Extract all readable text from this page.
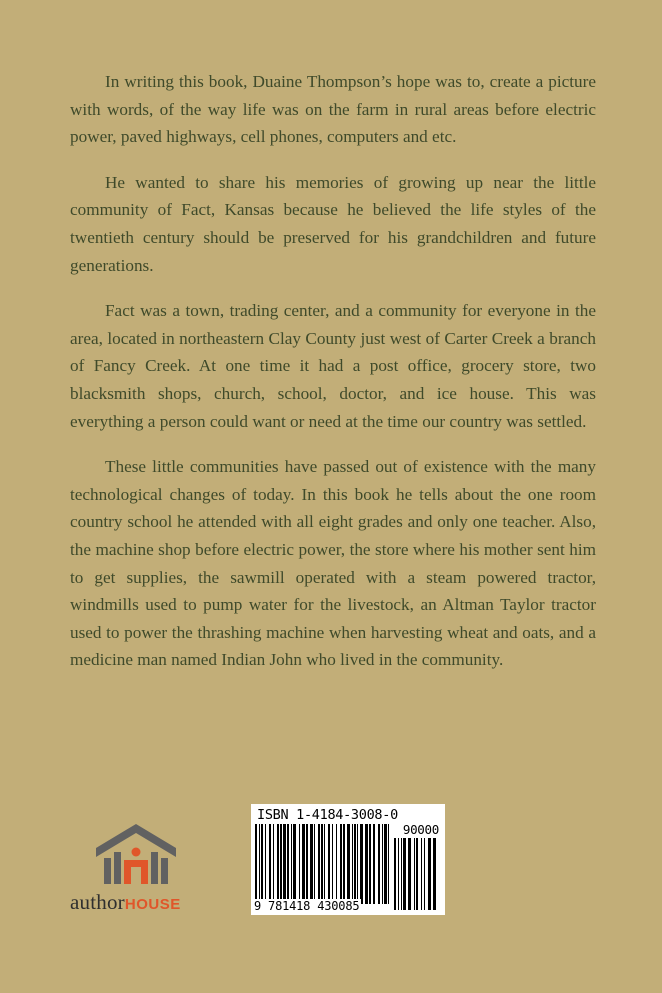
In writing this book, Duaine Thompson’s hope was to, create a picture with words, of the way life was on the farm in rural areas before electric power, paved highways, cell phones, computers and etc.

He wanted to share his memories of growing up near the little community of Fact, Kansas because he believed the life styles of the twentieth century should be preserved for his grandchildren and future generations.

Fact was a town, trading center, and a community for everyone in the area, located in northeastern Clay County just west of Carter Creek a branch of Fancy Creek. At one time it had a post office, grocery store, two blacksmith shops, church, school, doctor, and ice house. This was everything a person could want or need at the time our country was settled.

These little communities have passed out of existence with the many technological changes of today. In this book he tells about the one room country school he attended with all eight grades and only one teacher. Also, the machine shop before electric power, the store where his mother sent him to get supplies, the sawmill operated with a steam powered tractor, windmills used to pump water for the livestock, an Altman Taylor tractor used to power the thrashing machine when harvesting wheat and oats, and a medicine man named Indian John who lived in the community.

authorHOUSE
ISBN 1-4184-3008-0
90000
9 781418 430085
